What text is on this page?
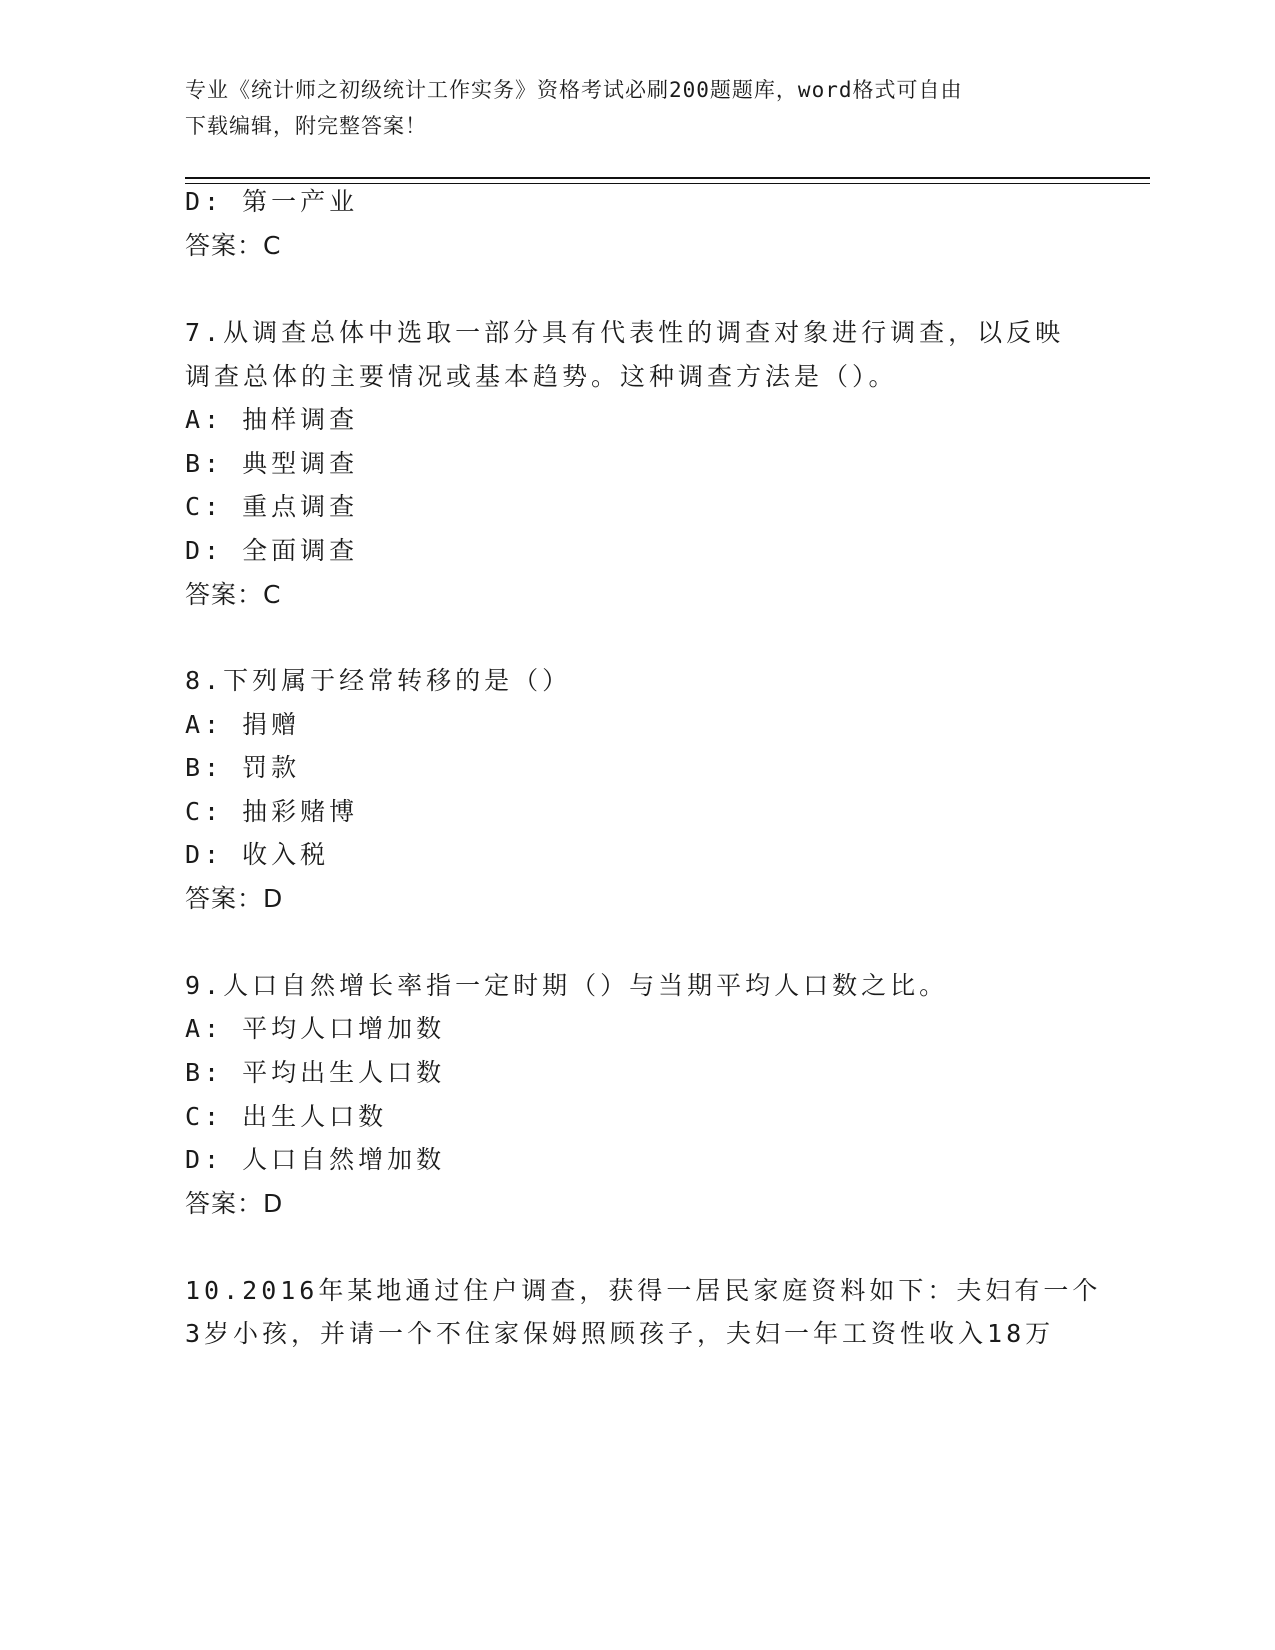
专业《统计师之初级统计工作实务》资格考试必刷200题题库，word格式可自由
下载编辑，附完整答案！
D: 第一产业
答案：C
7.从调查总体中选取一部分具有代表性的调查对象进行调查，以反映
调查总体的主要情况或基本趋势。这种调查方法是（）。
A: 抽样调查
B: 典型调查
C: 重点调查
D: 全面调查
答案：C
8.下列属于经常转移的是（）
A: 捐赠
B: 罚款
C: 抽彩赌博
D: 收入税
答案：D
9.人口自然增长率指一定时期（）与当期平均人口数之比。
A: 平均人口增加数
B: 平均出生人口数
C: 出生人口数
D: 人口自然增加数
答案：D
10.2016年某地通过住户调查，获得一居民家庭资料如下：夫妇有一个
3岁小孩，并请一个不住家保姆照顾孩子，夫妇一年工资性收入18万
